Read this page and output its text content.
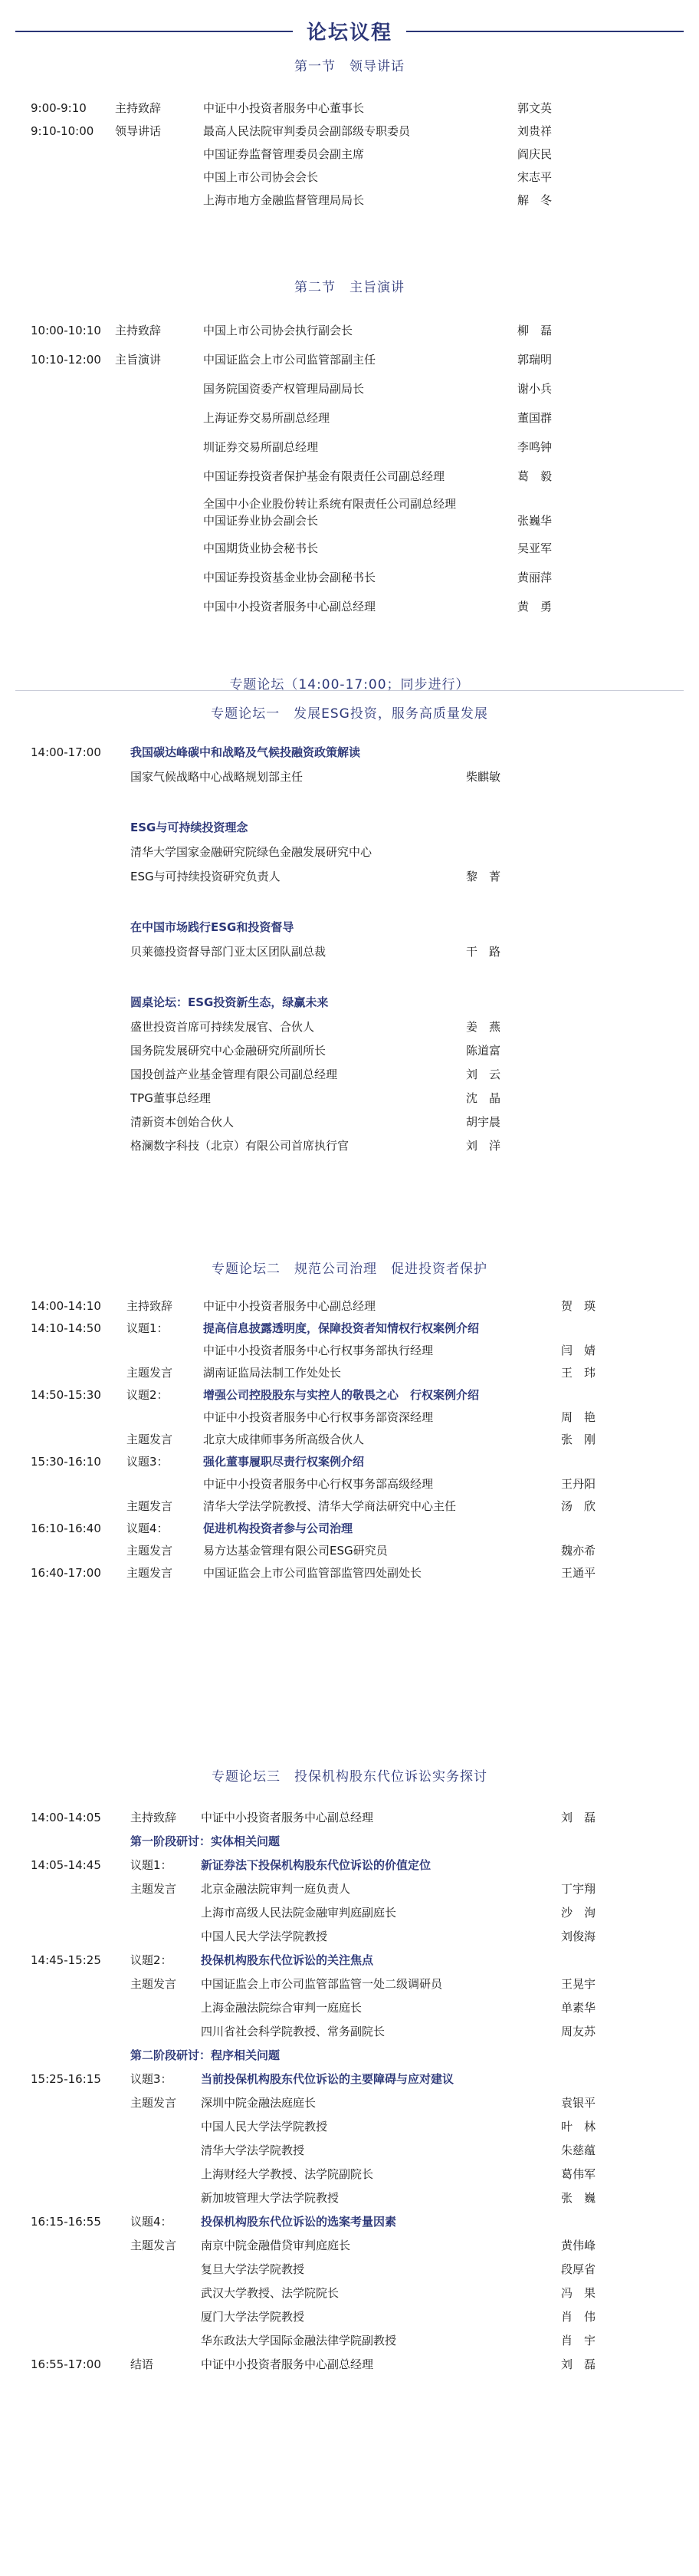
论坛议程
第一节　领导讲话
9:00-9:10 主持致辞	中证中小投资者服务中心董事长	郭文英
9:10-10:00 领导讲话	最高人民法院审判委员会副部级专职委员	刘贵祥
中国证券监督管理委员会副主席	阎庆民
中国上市公司协会会长	宋志平
上海市地方金融监督管理局局长	解　冬
第二节　主旨演讲
10:00-10:10 主持致辞	中国上市公司协会执行副会长	柳　磊
10:10-12:00 主旨演讲	中国证监会上市公司监管部副主任	郭瑞明
国务院国资委产权管理局副局长	谢小兵
上海证券交易所副总经理	董国群
圳证券交易所副总经理	李鸣钟
中国证券投资者保护基金有限责任公司副总经理	葛　毅
全国中小企业股份转让系统有限责任公司副总经理
中国证券业协会副会长	张巍华
中国期货业协会秘书长	吴亚军
中国证券投资基金业协会副秘书长	黄丽萍
中国中小投资者服务中心副总经理	黄　勇
专题论坛（14:00-17:00；同步进行）
专题论坛一　发展ESG投资，服务高质量发展
14:00-17:00	我国碳达峰碳中和战略及气候投融资政策解读
国家气候战略中心战略规划部主任	柴麒敏
ESG与可持续投资理念
清华大学国家金融研究院绿色金融发展研究中心
ESG与可持续投资研究负责人	黎　菁
在中国市场践行ESG和投资督导
贝莱德投资督导部门亚太区团队副总裁	干　路
圆桌论坛：ESG投资新生态，绿赢未来
盛世投资首席可持续发展官、合伙人	姜　燕
国务院发展研究中心金融研究所副所长	陈道富
国投创益产业基金管理有限公司副总经理	刘　云
TPG董事总经理	沈　晶
清新资本创始合伙人	胡宇晨
格澜数字科技（北京）有限公司首席执行官	刘　洋
专题论坛二　规范公司治理　促进投资者保护
14:00-14:10 主持致辞	中证中小投资者服务中心副总经理	贺　瑛
14:10-14:50 议题1：	提高信息披露透明度，保障投资者知情权行权案例介绍
中证中小投资者服务中心行权事务部执行经理	闫　婧
主题发言	湖南证监局法制工作处处长	王　玮
14:50-15:30 议题2：	增强公司控股股东与实控人的敬畏之心　行权案例介绍
中证中小投资者服务中心行权事务部资深经理	周　艳
主题发言	北京大成律师事务所高级合伙人	张　刚
15:30-16:10 议题3：	强化董事履职尽责行权案例介绍
中证中小投资者服务中心行权事务部高级经理	王丹阳
主题发言	清华大学法学院教授、清华大学商法研究中心主任	汤　欣
16:10-16:40 议题4：	促进机构投资者参与公司治理
主题发言	易方达基金管理有限公司ESG研究员	魏亦希
16:40-17:00 主题发言	中国证监会上市公司监管部监管四处副处长	王通平
专题论坛三　投保机构股东代位诉讼实务探讨
14:00-14:05	主持致辞 中证中小投资者服务中心副总经理	刘　磊
第一阶段研讨：实体相关问题
14:05-14:45	议题1： 新证券法下投保机构股东代位诉讼的价值定位
主题发言 北京金融法院审判一庭负责人	丁宇翔
上海市高级人民法院金融审判庭副庭长	沙　洵
中国人民大学法学院教授	刘俊海
14:45-15:25	议题2： 投保机构股东代位诉讼的关注焦点
主题发言 中国证监会上市公司监管部监管一处二级调研员	王晃宇
上海金融法院综合审判一庭庭长	单素华
四川省社会科学院教授、常务副院长	周友苏
第二阶段研讨：程序相关问题
15:25-16:15	议题3： 当前投保机构股东代位诉讼的主要障碍与应对建议
主题发言 深圳中院金融法庭庭长	袁银平
中国人民大学法学院教授	叶　林
清华大学法学院教授	朱慈蕴
上海财经大学教授、法学院副院长	葛伟军
新加坡管理大学法学院教授	张　巍
16:15-16:55	议题4： 投保机构股东代位诉讼的选案考量因素
主题发言 南京中院金融借贷审判庭庭长	黄伟峰
复旦大学法学院教授	段厚省
武汉大学教授、法学院院长	冯　果
厦门大学法学院教授	肖　伟
华东政法大学国际金融法律学院副教授	肖　宇
16:55-17:00	结语	中证中小投资者服务中心副总经理	刘　磊
